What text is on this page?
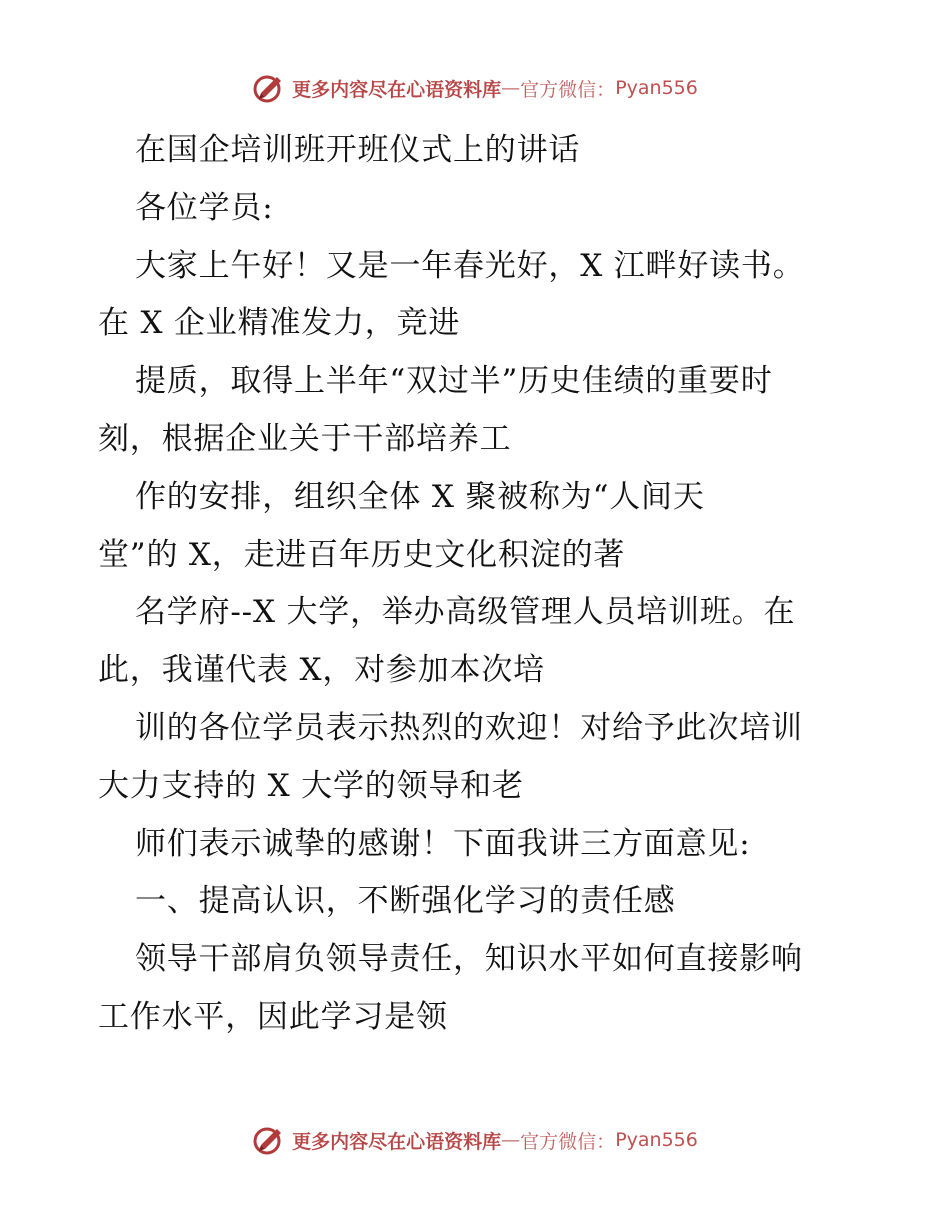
更多内容尽在心语资料库 — 官方微信： Pyan556
在国企培训班开班仪式上的讲话
各位学员:
大家上午好！又是一年春光好，X 江畔好读书。
在 X 企业精准发力，竞进
提质，取得上半年“双过半”历史佳绩的重要时
刻，根据企业关于干部培养工
作的安排，组织全体 X 聚被称为“人间天
堂”的 X，走进百年历史文化积淀的著
名学府--X 大学，举办高级管理人员培训班。在
此，我谨代表 X，对参加本次培
训的各位学员表示热烈的欢迎！对给予此次培训
大力支持的 X 大学的领导和老
师们表示诚挚的感谢！下面我讲三方面意见:
一、提高认识，不断强化学习的责任感
领导干部肩负领导责任，知识水平如何直接影响
工作水平，因此学习是领
更多内容尽在心语资料库 — 官方微信： Pyan556
